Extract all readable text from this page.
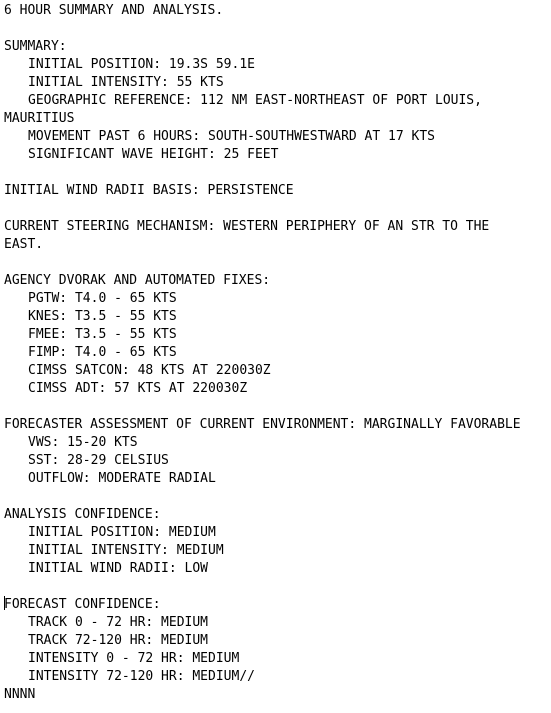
6 HOUR SUMMARY AND ANALYSIS.
SUMMARY:
INITIAL POSITION: 19.3S 59.1E
INITIAL INTENSITY: 55 KTS
GEOGRAPHIC REFERENCE: 112 NM EAST-NORTHEAST OF PORT LOUIS,
MAURITIUS
MOVEMENT PAST 6 HOURS: SOUTH-SOUTHWESTWARD AT 17 KTS
SIGNIFICANT WAVE HEIGHT: 25 FEET
INITIAL WIND RADII BASIS: PERSISTENCE
CURRENT STEERING MECHANISM: WESTERN PERIPHERY OF AN STR TO THE
EAST.
AGENCY DVORAK AND AUTOMATED FIXES:
PGTW: T4.0 - 65 KTS
KNES: T3.5 - 55 KTS
FMEE: T3.5 - 55 KTS
FIMP: T4.0 - 65 KTS
CIMSS SATCON: 48 KTS AT 220030Z
CIMSS ADT: 57 KTS AT 220030Z
FORECASTER ASSESSMENT OF CURRENT ENVIRONMENT: MARGINALLY FAVORABLE
VWS: 15-20 KTS
SST: 28-29 CELSIUS
OUTFLOW: MODERATE RADIAL
ANALYSIS CONFIDENCE:
INITIAL POSITION: MEDIUM
INITIAL INTENSITY: MEDIUM
INITIAL WIND RADII: LOW
FORECAST CONFIDENCE:
TRACK 0 - 72 HR: MEDIUM
TRACK 72-120 HR: MEDIUM
INTENSITY 0 - 72 HR: MEDIUM
INTENSITY 72-120 HR: MEDIUM//
NNNN
